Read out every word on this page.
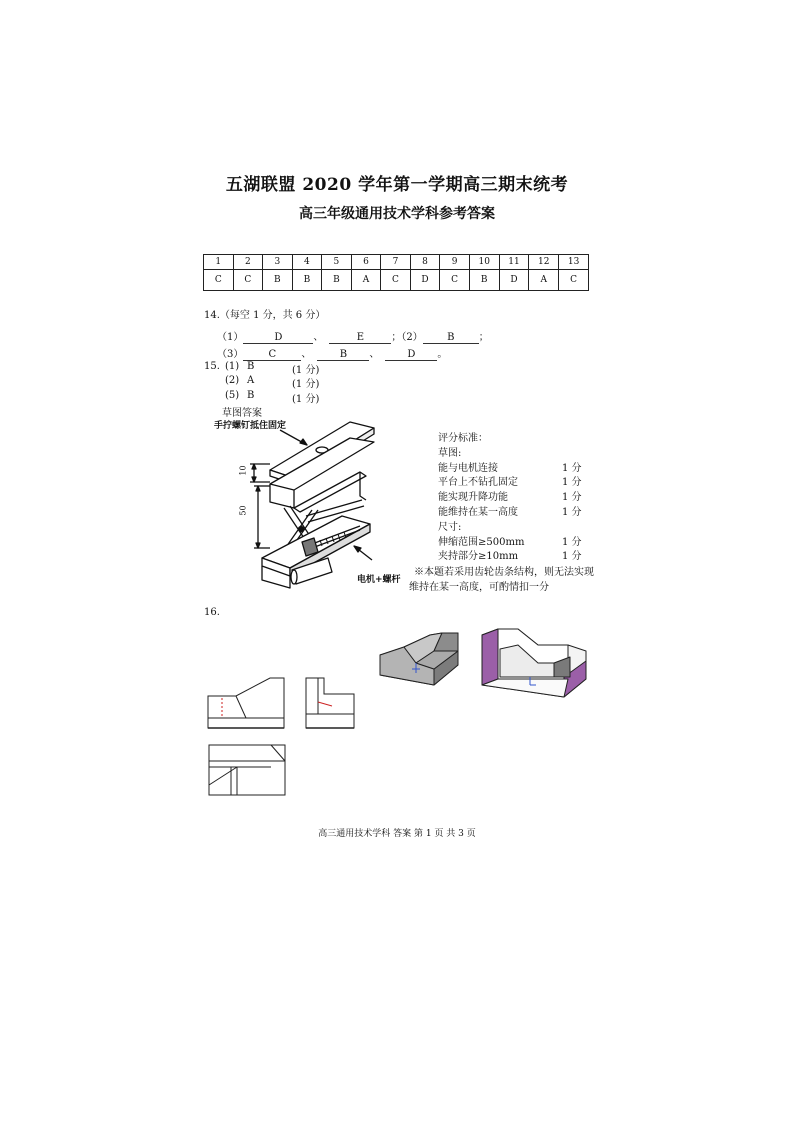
五湖联盟 2020 学年第一学期高三期末统考
高三年级通用技术学科参考答案
1	2	3	4	5	6	7	8	9	10	11	12	13
C	C	B	B	B	A	C	D	C	B	D	A	C
14.（每空 1 分，共 6 分）
（1）	D	、	E	；（2） B ；
（3）	C	、	B 、	D 。
15. (1) B	(1 分)
(2) A	(1 分)
(5) B	(1 分)
草图答案
手拧螺钉抵住固定
10
50
电机+螺杆
评分标准：
草图:
能与电机连接	1 分
平台上不钻孔固定	1 分
能实现升降功能	1 分
能维持在某一高度	1 分
尺寸:
伸缩范围≥500mm	1 分
夹持部分≥10mm	1 分
※本题若采用齿轮齿条结构，则无法实现
维持在某一高度，可酌情扣一分
16.
高三通用技术学科 答案 第 1 页 共 3 页
